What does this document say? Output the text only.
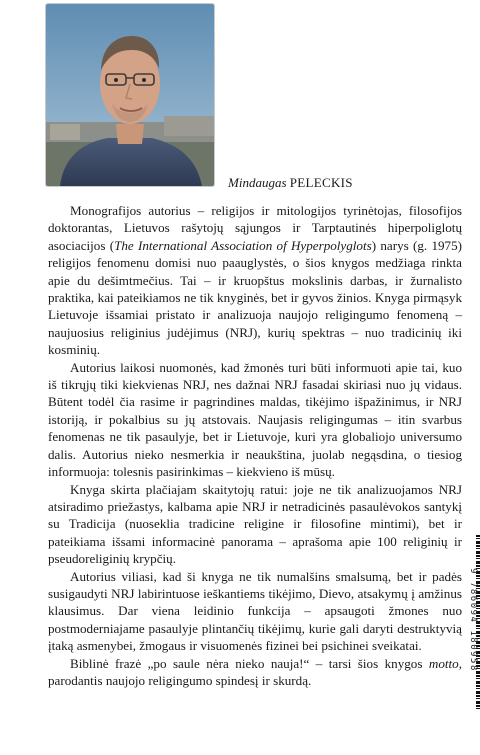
Mindaugas PELECKIS

Monografijos autorius – religijos ir mitologijos tyrinėtojas, filosofijos doktorantas, Lietuvos rašytojų sąjungos ir Tarptautinės hiperpoliglotų asociacijos (The International Association of Hyperpolyglots) narys (g. 1975) religijos fenomenu domisi nuo paauglystės, o šios knygos medžiaga rinkta apie du dešimtmečius. Tai – ir kruopštus mokslinis darbas, ir žurnalisto praktika, kai pateikiamos ne tik knyginės, bet ir gyvos žinios. Knyga pirmąsyk Lietuvoje išsamiai pristato ir analizuoja naujojo religingumo fenomeną – naujuosius religinius judėjimus (NRJ), kurių spektras – nuo tradicinių iki kosminių.

Autorius laikosi nuomonės, kad žmonės turi būti informuoti apie tai, kuo iš tikrųjų tiki kiekvienas NRJ, nes dažnai NRJ fasadai skiriasi nuo jų vidaus. Būtent todėl čia rasime ir pagrindines maldas, tikėjimo išpažinimus, ir NRJ istoriją, ir pokalbius su jų atstovais. Naujasis religingumas – itin svarbus fenomenas ne tik pasaulyje, bet ir Lietuvoje, kuri yra globaliojo universumo dalis. Autorius nieko nesmerkia ir neaukština, juolab negąsdina, o tiesiog informuoja: tolesnis pasirinkimas – kiekvieno iš mūsų.

Knyga skirta plačiajam skaitytojų ratui: joje ne tik analizuojamos NRJ atsiradimo priežastys, kalbama apie NRJ ir netradicinės pasaulėvokos santykį su Tradicija (nuoseklia tradicine religine ir filosofine mintimi), bet ir pateikiama išsami informacinė panorama – aprašoma apie 100 religinių ir pseudoreliginių krypčių.

Autorius viliasi, kad ši knyga ne tik numalšins smalsumą, bet ir padės susigaudyti NRJ labirintuose ieškantiems tikėjimo, Dievo, atsakymų į amžinus klausimus. Dar viena leidinio funkcija – apsaugoti žmones nuo postmoderniajame pasaulyje plintančių tikėjimų, kurie gali daryti destruktyvią įtaką asmenybei, žmogaus ir visuomenės fizinei bei psichinei sveikatai.

Biblinė frazė „po saule nėra nieko nauja!“ – tarsi šios knygos motto, parodantis naujojo religingumo spindesį ir skurdą.

9 786094 180958
